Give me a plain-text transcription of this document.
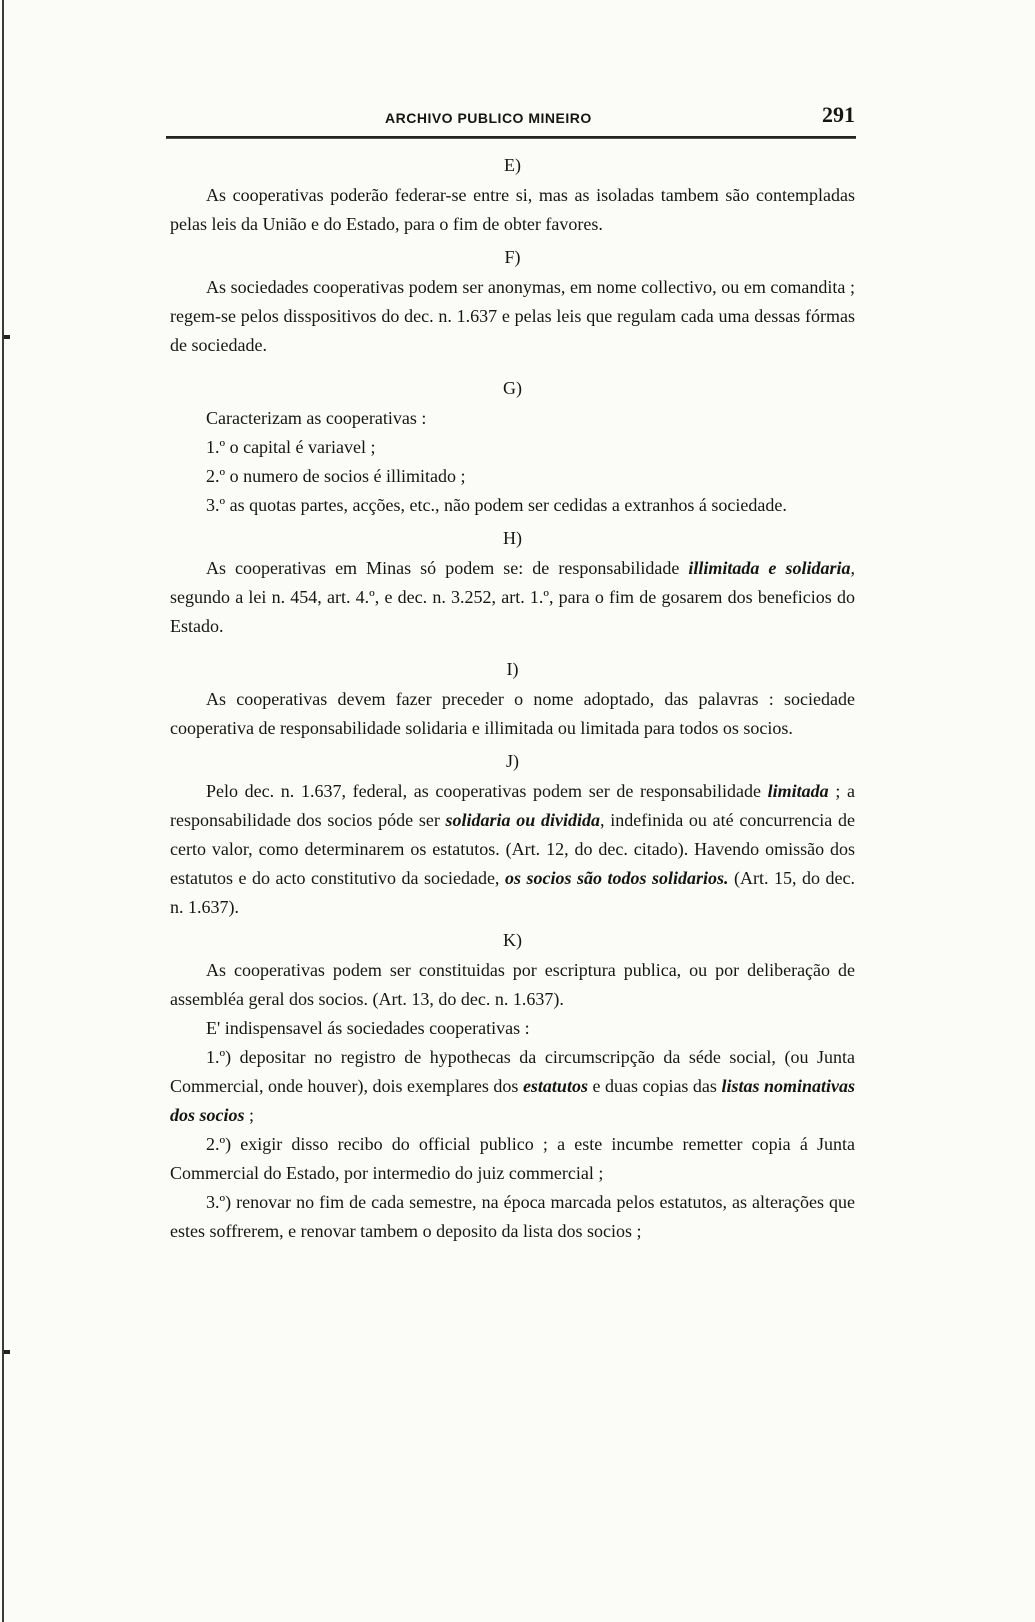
ARCHIVO PUBLICO MINEIRO	291
E)

As cooperativas poderão federar-se entre si, mas as isoladas tambem são contempladas pelas leis da União e do Estado, para o fim de obter favores.

F)

As sociedades cooperativas podem ser anonymas, em nome collectivo, ou em comandita ; regem-se pelos disspositivos do dec. n. 1.637 e pelas leis que regulam cada uma dessas fórmas de sociedade.

G)

Caracterizam as cooperativas :

1.º o capital é variavel ;

2.º o numero de socios é illimitado ;

3.º as quotas partes, acções, etc., não podem ser cedidas a extranhos á sociedade.

H)

As cooperativas em Minas só podem se: de responsabilidade illimitada e solidaria, segundo a lei n. 454, art. 4.º, e dec. n. 3.252, art. 1.º, para o fim de gosarem dos beneficios do Estado.

I)

As cooperativas devem fazer preceder o nome adoptado, das palavras : sociedade cooperativa de responsabilidade solidaria e illimitada ou limitada para todos os socios.

J)

Pelo dec. n. 1.637, federal, as cooperativas podem ser de responsabilidade limitada ; a responsabilidade dos socios póde ser solidaria ou dividida, indefinida ou até concurrencia de certo valor, como determinarem os estatutos. (Art. 12, do dec. citado). Havendo omissão dos estatutos e do acto constitutivo da sociedade, os socios são todos solidarios. (Art. 15, do dec. n. 1.637).

K)

As cooperativas podem ser constituidas por escriptura publica, ou por deliberação de assembléa geral dos socios. (Art. 13, do dec. n. 1.637).

E' indispensavel ás sociedades cooperativas :

1.º) depositar no registro de hypothecas da circumscripção da séde social, (ou Junta Commercial, onde houver), dois exemplares dos estatutos e duas copias das listas nominativas dos socios ;

2.º) exigir disso recibo do official publico ; a este incumbe remetter copia á Junta Commercial do Estado, por intermedio do juiz commercial ;

3.º) renovar no fim de cada semestre, na época marcada pelos estatutos, as alterações que estes soffrerem, e renovar tambem o deposito da lista dos socios ;
